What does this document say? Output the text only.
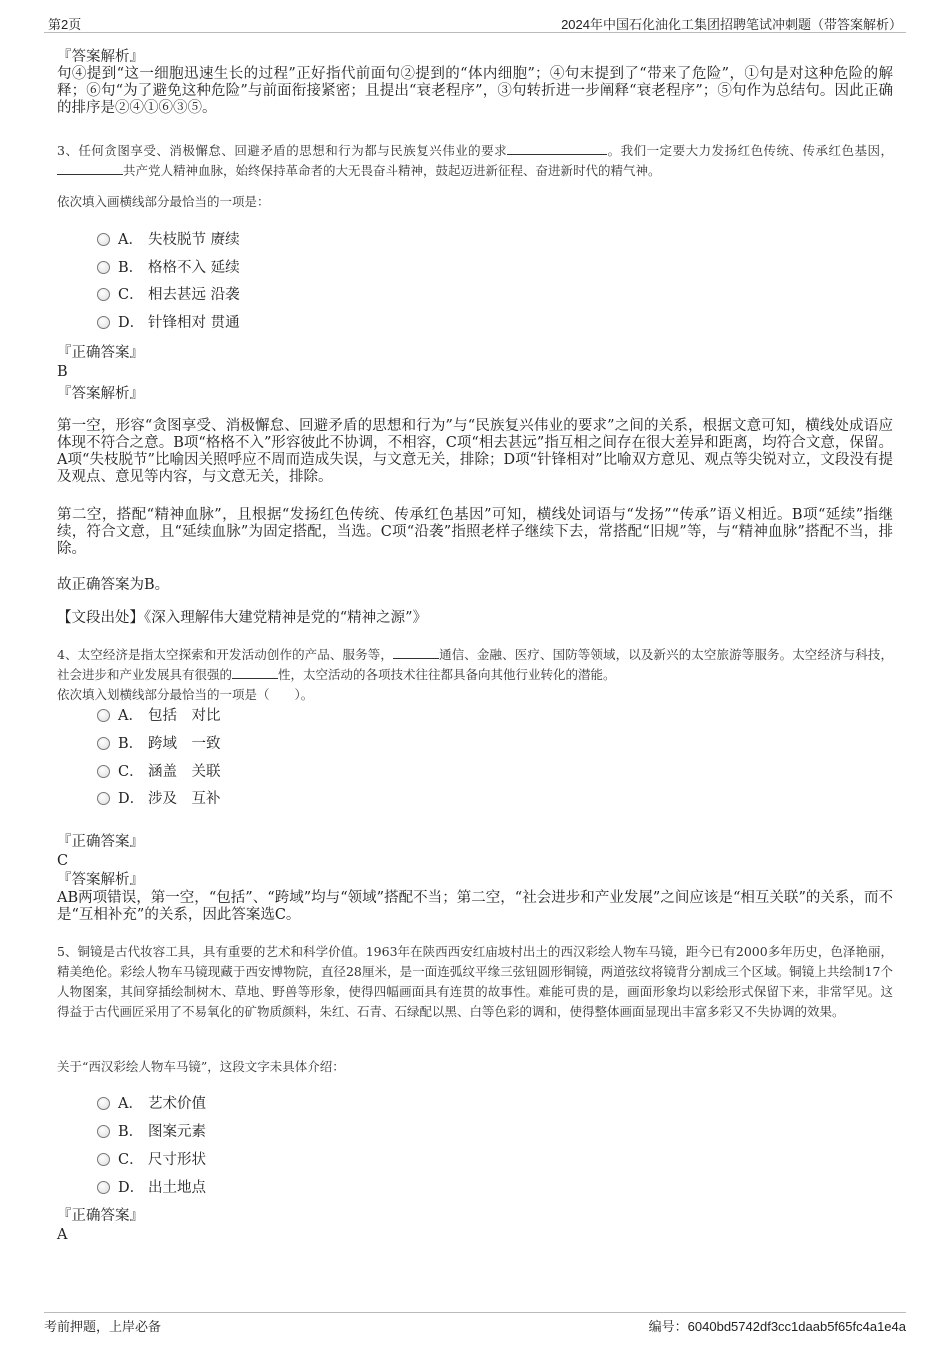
第2页	2024年中国石化油化工集团招聘笔试冲刺题（带答案解析）

『答案解析』

句④提到“这一细胞迅速生长的过程”正好指代前面句②提到的“体内细胞”；④句末提到了“带来了危险”，①句是对这种危险的解释；⑥句“为了避免这种危险”与前面衔接紧密；且提出“衰老程序”，③句转折进一步阐释“衰老程序”；⑤句作为总结句。因此正确的排序是②④①⑥③⑤。

3、任何贪图享受、消极懈怠、回避矛盾的思想和行为都与民族复兴伟业的要求	。我们一定要大力发扬红色传统、传承红色基因，共产党人精神血脉，始终保持革命者的大无畏奋斗精神，鼓起迈进新征程、奋进新时代的精气神。

依次填入画横线部分最恰当的一项是：

A． 失枝脱节 赓续
B． 格格不入 延续
C． 相去甚远 沿袭
D． 针锋相对 贯通

『正确答案』

B

『答案解析』

第一空，形容“贪图享受、消极懈怠、回避矛盾的思想和行为”与“民族复兴伟业的要求”之间的关系，根据文意可知，横线处成语应体现不符合之意。B项“格格不入”形容彼此不协调，不相容，C项“相去甚远”指互相之间存在很大差异和距离，均符合文意，保留。A项“失枝脱节”比喻因关照呼应不周而造成失误，与文意无关，排除；D项“针锋相对”比喻双方意见、观点等尖锐对立，文段没有提及观点、意见等内容，与文意无关，排除。

第二空，搭配“精神血脉”，且根据“发扬红色传统、传承红色基因”可知，横线处词语与“发扬”“传承”语义相近。B项“延续”指继续，符合文意，且“延续血脉”为固定搭配，当选。C项“沿袭”指照老样子继续下去，常搭配“旧规”等，与“精神血脉”搭配不当，排除。

故正确答案为B。

【文段出处】《深入理解伟大建党精神是党的“精神之源”》

4、太空经济是指太空探索和开发活动创作的产品、服务等，	通信、金融、医疗、国防等领域，以及新兴的太空旅游等服务。太空经济与科技，社会进步和产业发展具有很强的	性，太空活动的各项技术往往都具备向其他行业转化的潜能。

依次填入划横线部分最恰当的一项是（　　）。

A． 包括　对比
B． 跨域　一致
C． 涵盖　关联
D． 涉及　互补

『正确答案』

C

『答案解析』

AB两项错误，第一空，“包括”、“跨域”均与“领域”搭配不当；第二空，“社会进步和产业发展”之间应该是“相互关联”的关系，而不是“互相补充”的关系，因此答案选C。

5、铜镜是古代妆容工具，具有重要的艺术和科学价值。1963年在陕西西安红庙坡村出土的西汉彩绘人物车马镜，距今已有2000多年历史，色泽艳丽，精美绝伦。彩绘人物车马镜现藏于西安博物院，直径28厘米，是一面连弧纹平缘三弦钮圆形铜镜，两道弦纹将镜背分割成三个区域。铜镜上共绘制17个人物图案，其间穿插绘制树木、草地、野兽等形象，使得四幅画面具有连贯的故事性。难能可贵的是，画面形象均以彩绘形式保留下来，非常罕见。这得益于古代画匠采用了不易氧化的矿物质颜料，朱红、石青、石绿配以黑、白等色彩的调和，使得整体画面显现出丰富多彩又不失协调的效果。

关于“西汉彩绘人物车马镜”，这段文字未具体介绍：

A． 艺术价值
B． 图案元素
C． 尺寸形状
D． 出土地点

『正确答案』

A

考前押题，上岸必备	编号：6040bd5742df3cc1daab5f65fc4a1e4a
